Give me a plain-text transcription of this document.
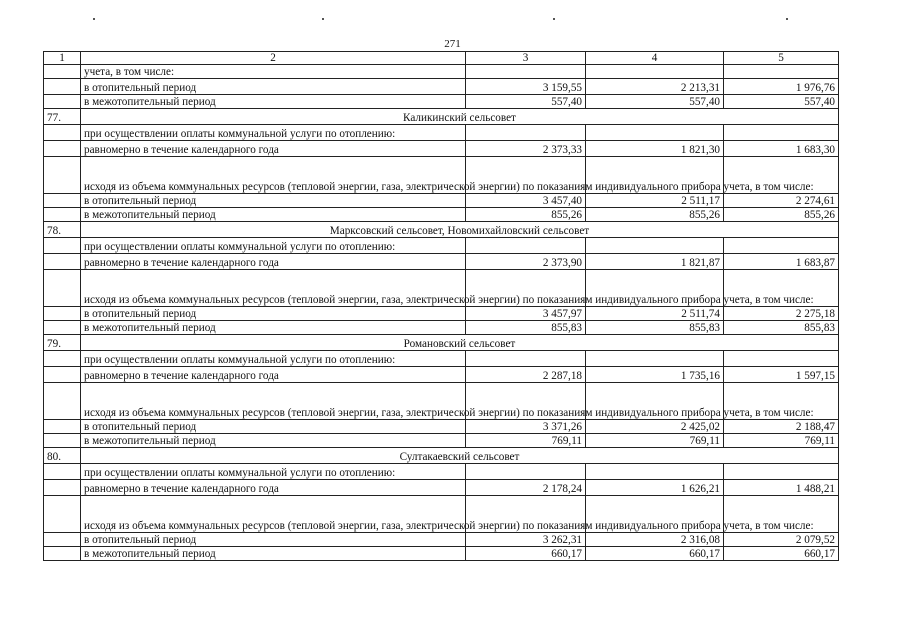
271
1	2	3	4	5
	учета, в том числе:			
	в отопительный период	3 159,55	2 213,31	1 976,76
	в межотопительный период	557,40	557,40	557,40
77.	Каликинский сельсовет			
	при осуществлении оплаты коммунальной услуги по отоплению:			
	равномерно в течение календарного года	2 373,33	1 821,30	1 683,30
	исходя из объема коммунальных ресурсов (тепловой энергии, газа, электрической энергии) по показаниям индивидуального прибора учета, в том числе:			
	в отопительный период	3 457,40	2 511,17	2 274,61
	в межотопительный период	855,26	855,26	855,26
78.	Марксовский сельсовет, Новомихайловский сельсовет			
	при осуществлении оплаты коммунальной услуги по отоплению:			
	равномерно в течение календарного года	2 373,90	1 821,87	1 683,87
	исходя из объема коммунальных ресурсов (тепловой энергии, газа, электрической энергии) по показаниям индивидуального прибора учета, в том числе:			
	в отопительный период	3 457,97	2 511,74	2 275,18
	в межотопительный период	855,83	855,83	855,83
79.	Романовский сельсовет			
	при осуществлении оплаты коммунальной услуги по отоплению:			
	равномерно в течение календарного года	2 287,18	1 735,16	1 597,15
	исходя из объема коммунальных ресурсов (тепловой энергии, газа, электрической энергии) по показаниям индивидуального прибора учета, в том числе:			
	в отопительный период	3 371,26	2 425,02	2 188,47
	в межотопительный период	769,11	769,11	769,11
80.	Султакаевский сельсовет			
	при осуществлении оплаты коммунальной услуги по отоплению:			
	равномерно в течение календарного года	2 178,24	1 626,21	1 488,21
	исходя из объема коммунальных ресурсов (тепловой энергии, газа, электрической энергии) по показаниям индивидуального прибора учета, в том числе:			
	в отопительный период	3 262,31	2 316,08	2 079,52
	в межотопительный период	660,17	660,17	660,17
